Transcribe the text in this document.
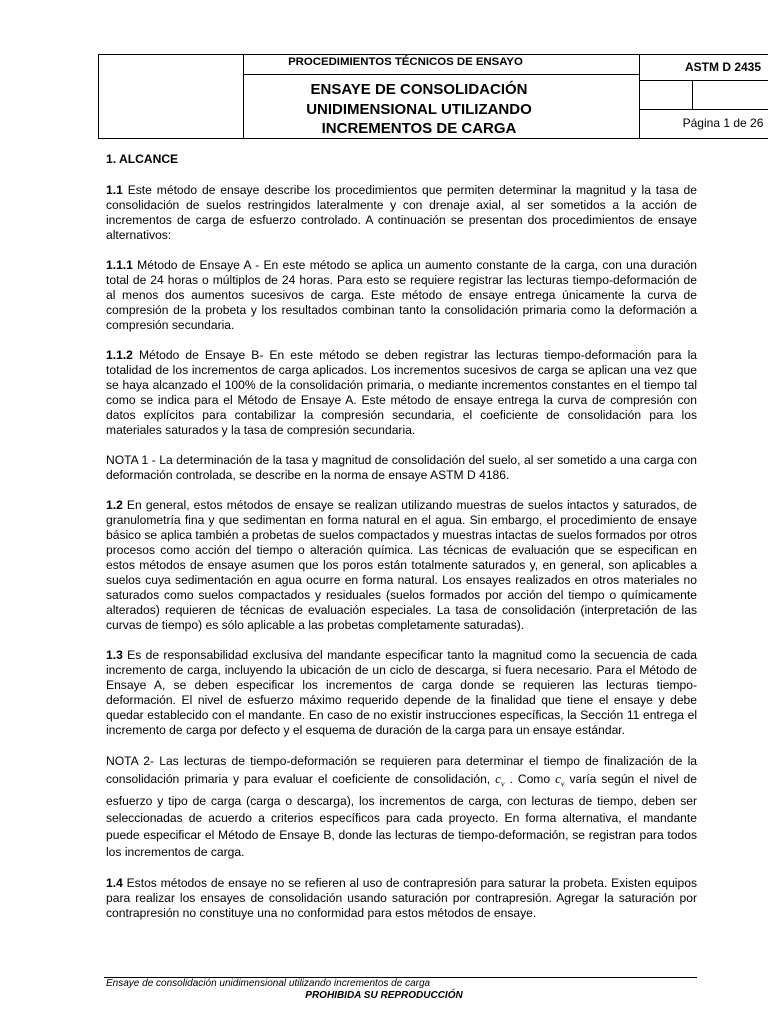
PROCEDIMIENTOS TÉCNICOS DE ENSAYO
ENSAYE DE CONSOLIDACIÓN
UNIDIMENSIONAL UTILIZANDO
INCREMENTOS DE CARGA
ASTM D 2435
Página 1 de 26

1. ALCANCE

1.1 Este método de ensaye describe los procedimientos que permiten determinar la magnitud y la tasa de consolidación de suelos restringidos lateralmente y con drenaje axial, al ser sometidos a la acción de incrementos de carga de esfuerzo controlado. A continuación se presentan dos procedimientos de ensaye alternativos:

1.1.1 Método de Ensaye A - En este método se aplica un aumento constante de la carga, con una duración total de 24 horas o múltiplos de 24 horas. Para esto se requiere registrar las lecturas tiempo-deformación de al menos dos aumentos sucesivos de carga. Este método de ensaye entrega únicamente la curva de compresión de la probeta y los resultados combinan tanto la consolidación primaria como la deformación a compresión secundaria.

1.1.2 Método de Ensaye B- En este método se deben registrar las lecturas tiempo-deformación para la totalidad de los incrementos de carga aplicados. Los incrementos sucesivos de carga se aplican una vez que se haya alcanzado el 100% de la consolidación primaria, o mediante incrementos constantes en el tiempo tal como se indica para el Método de Ensaye A. Este método de ensaye entrega la curva de compresión con datos explícitos para contabilizar la compresión secundaria, el coeficiente de consolidación para los materiales saturados y la tasa de compresión secundaria.

NOTA 1 - La determinación de la tasa y magnitud de consolidación del suelo, al ser sometido a una carga con deformación controlada, se describe en la norma de ensaye ASTM D 4186.

1.2 En general, estos métodos de ensaye se realizan utilizando muestras de suelos intactos y saturados, de granulometría fina y que sedimentan en forma natural en el agua. Sin embargo, el procedimiento de ensaye básico se aplica también a probetas de suelos compactados y muestras intactas de suelos formados por otros procesos como acción del tiempo o alteración química. Las técnicas de evaluación que se especifican en estos métodos de ensaye asumen que los poros están totalmente saturados y, en general, son aplicables a suelos cuya sedimentación en agua ocurre en forma natural. Los ensayes realizados en otros materiales no saturados como suelos compactados y residuales (suelos formados por acción del tiempo o químicamente alterados) requieren de técnicas de evaluación especiales. La tasa de consolidación (interpretación de las curvas de tiempo) es sólo aplicable a las probetas completamente saturadas).

1.3 Es de responsabilidad exclusiva del mandante especificar tanto la magnitud como la secuencia de cada incremento de carga, incluyendo la ubicación de un ciclo de descarga, si fuera necesario. Para el Método de Ensaye A, se deben especificar los incrementos de carga donde se requieren las lecturas tiempo-deformación. El nivel de esfuerzo máximo requerido depende de la finalidad que tiene el ensaye y debe quedar establecido con el mandante. En caso de no existir instrucciones específicas, la Sección 11 entrega el incremento de carga por defecto y el esquema de duración de la carga para un ensaye estándar.

NOTA 2- Las lecturas de tiempo-deformación se requieren para determinar el tiempo de finalización de la consolidación primaria y para evaluar el coeficiente de consolidación, $c_v$ . Como $c_v$ varía según el nivel de esfuerzo y tipo de carga (carga o descarga), los incrementos de carga, con lecturas de tiempo, deben ser seleccionadas de acuerdo a criterios específicos para cada proyecto. En forma alternativa, el mandante puede especificar el Método de Ensaye B, donde las lecturas de tiempo-deformación, se registran para todos los incrementos de carga.

1.4 Estos métodos de ensaye no se refieren al uso de contrapresión para saturar la probeta. Existen equipos para realizar los ensayes de consolidación usando saturación por contrapresión. Agregar la saturación por contrapresión no constituye una no conformidad para estos métodos de ensaye.

Ensaye de consolidación unidimensional utilizando incrementos de carga
PROHIBIDA SU REPRODUCCIÓN
